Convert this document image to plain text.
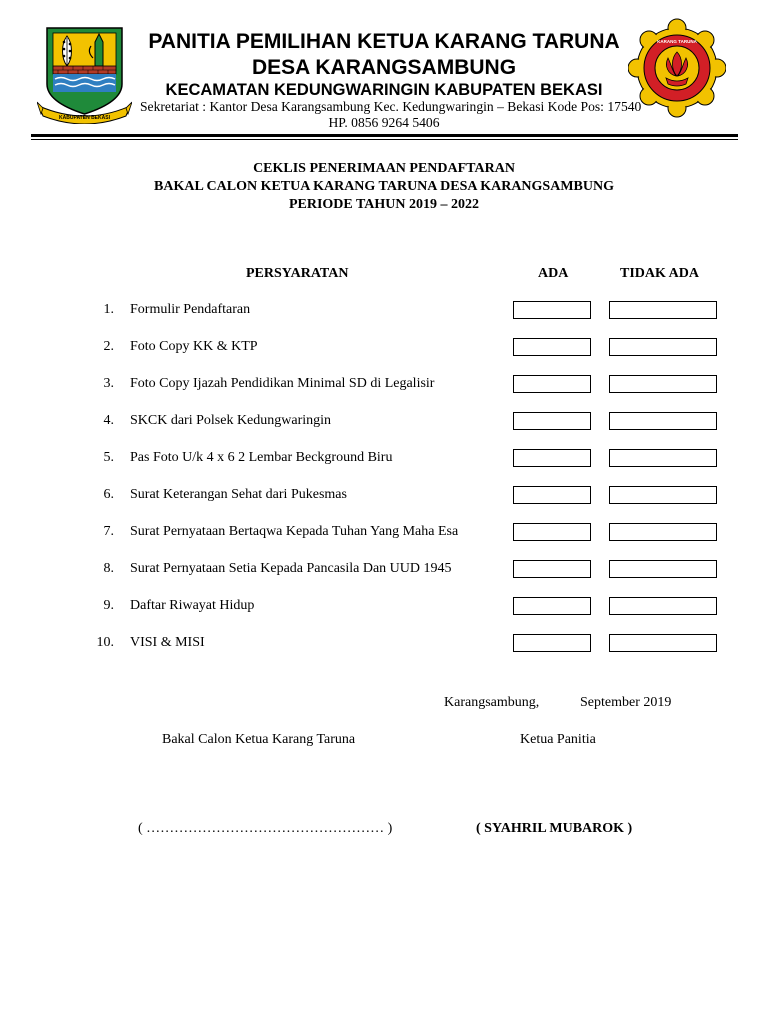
KABUPATEN BEKASI
KARANG TARUNA
PANITIA PEMILIHAN KETUA KARANG TARUNA
DESA KARANGSAMBUNG
KECAMATAN KEDUNGWARINGIN KABUPATEN BEKASI
Sekretariat : Kantor Desa Karangsambung Kec. Kedungwaringin – Bekasi Kode Pos: 17540
HP. 0856 9264 5406
CEKLIS PENERIMAAN PENDAFTARAN
BAKAL CALON KETUA KARANG TARUNA DESA KARANGSAMBUNG
PERIODE TAHUN 2019 – 2022
PERSYARATAN	ADA	TIDAK ADA
1. Formulir Pendaftaran
2. Foto Copy KK & KTP
3. Foto Copy Ijazah Pendidikan Minimal SD di Legalisir
4. SKCK dari Polsek Kedungwaringin
5. Pas Foto U/k 4 x 6 2 Lembar Beckground Biru
6. Surat Keterangan Sehat dari Pukesmas
7. Surat Pernyataan Bertaqwa Kepada Tuhan Yang Maha Esa
8. Surat Pernyataan Setia Kepada Pancasila Dan UUD 1945
9. Daftar Riwayat Hidup
10. VISI & MISI
Karangsambung,	September 2019
Bakal Calon Ketua Karang Taruna	Ketua Panitia
( …………………………………………… )	( SYAHRIL MUBAROK )
